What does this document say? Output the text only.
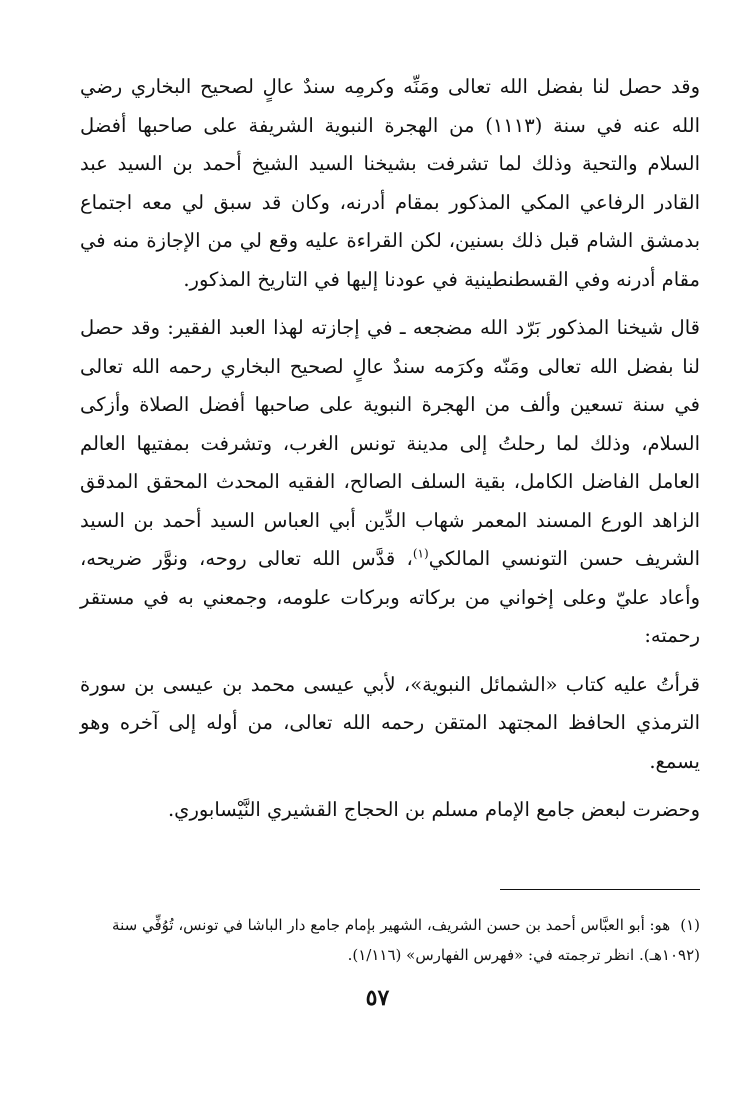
وقد حصل لنا بفضل الله تعالى ومَنِّه وكرمِه سندٌ عالٍ لصحيح البخاري رضي الله عنه في سنة (١١١٣) من الهجرة النبوية الشريفة على صاحبها أفضل السلام والتحية وذلك لما تشرفت بشيخنا السيد الشيخ أحمد بن السيد عبد القادر الرفاعي المكي المذكور بمقام أدرنه، وكان قد سبق لي معه اجتماع بدمشق الشام قبل ذلك بسنين، لكن القراءة عليه وقع لي من الإجازة منه في مقام أدرنه وفي القسطنطينية في عودنا إليها في التاريخ المذكور.

قال شيخنا المذكور بَرّد الله مضجعه ـ في إجازته لهذا العبد الفقير: وقد حصل لنا بفضل الله تعالى ومَنّه وكرَمه سندٌ عالٍ لصحيح البخاري رحمه الله تعالى في سنة تسعين وألف من الهجرة النبوية على صاحبها أفضل الصلاة وأزكى السلام، وذلك لما رحلتُ إلى مدينة تونس الغرب، وتشرفت بمفتيها العالم العامل الفاضل الكامل، بقية السلف الصالح، الفقيه المحدث المحقق المدقق الزاهد الورع المسند المعمر شهاب الدِّين أبي العباس السيد أحمد بن السيد الشريف حسن التونسي المالكي$^{(١)}$، قدَّس الله تعالى روحه، ونوَّر ضريحه، وأعاد عليّ وعلى إخواني من بركاته وبركات علومه، وجمعني به في مستقر رحمته:

قرأتُ عليه كتاب «الشمائل النبوية»، لأبي عيسى محمد بن عيسى بن سورة الترمذي الحافظ المجتهد المتقن رحمه الله تعالى، من أوله إلى آخره وهو يسمع.

وحضرت لبعض جامع الإمام مسلم بن الحجاج القشيري النَّيْسابوري.

(١)هو: أبو العبَّاس أحمد بن حسن الشريف، الشهير بإمام جامع دار الباشا في تونس، تُوُفِّي سنة (١٠٩٢هـ). انظر ترجمته في: «فهرس الفهارس» (١/١١٦).
٥٧
